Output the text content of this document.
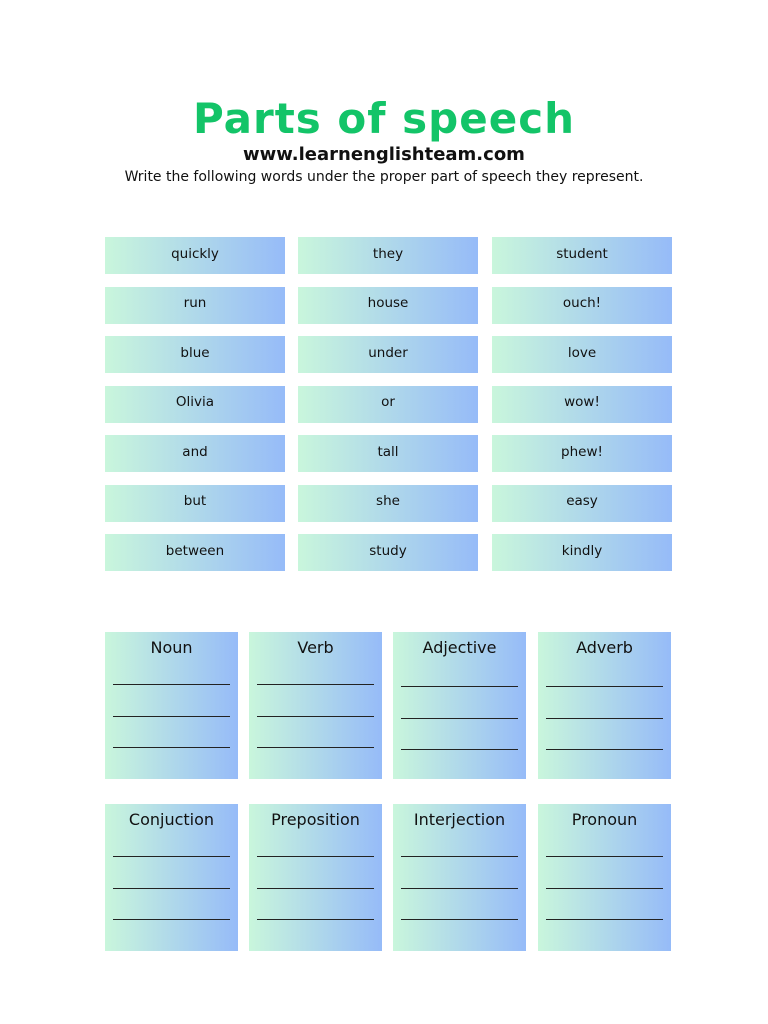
Parts of speech
www.learnenglishteam.com
Write the following words under the proper part of speech they represent.
quickly
run
blue
Olivia
and
but
between
they
house
under
or
tall
she
study
student
ouch!
love
wow!
phew!
easy
kindly
Noun	Verb	Adjective	Adverb
Conjuction	Preposition	Interjection	Pronoun
